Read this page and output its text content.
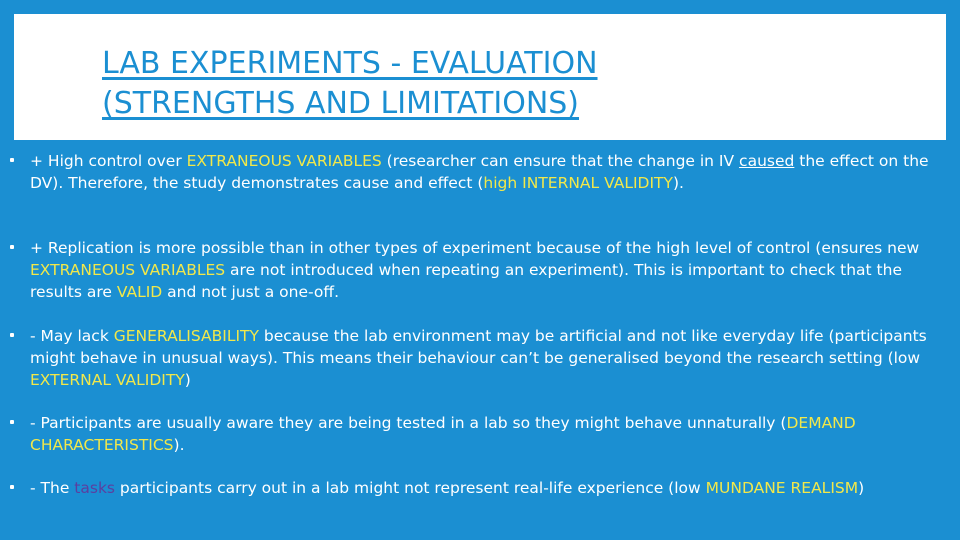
LAB EXPERIMENTS - EVALUATION
(STRENGTHS AND LIMITATIONS)
+ High control over EXTRANEOUS VARIABLES (researcher can ensure that the change in IV caused the effect on the DV). Therefore, the study demonstrates cause and effect (high INTERNAL VALIDITY).
+ Replication is more possible than in other types of experiment because of the high level of control (ensures new EXTRANEOUS VARIABLES are not introduced when repeating an experiment). This is important to check that the results are VALID and not just a one-off.
- May lack GENERALISABILITY because the lab environment may be artificial and not like everyday life (participants might behave in unusual ways). This means their behaviour can’t be generalised beyond the research setting (low EXTERNAL VALIDITY)
- Participants are usually aware they are being tested in a lab so they might behave unnaturally (DEMAND CHARACTERISTICS).
- The tasks participants carry out in a lab might not represent real-life experience (low MUNDANE REALISM)
